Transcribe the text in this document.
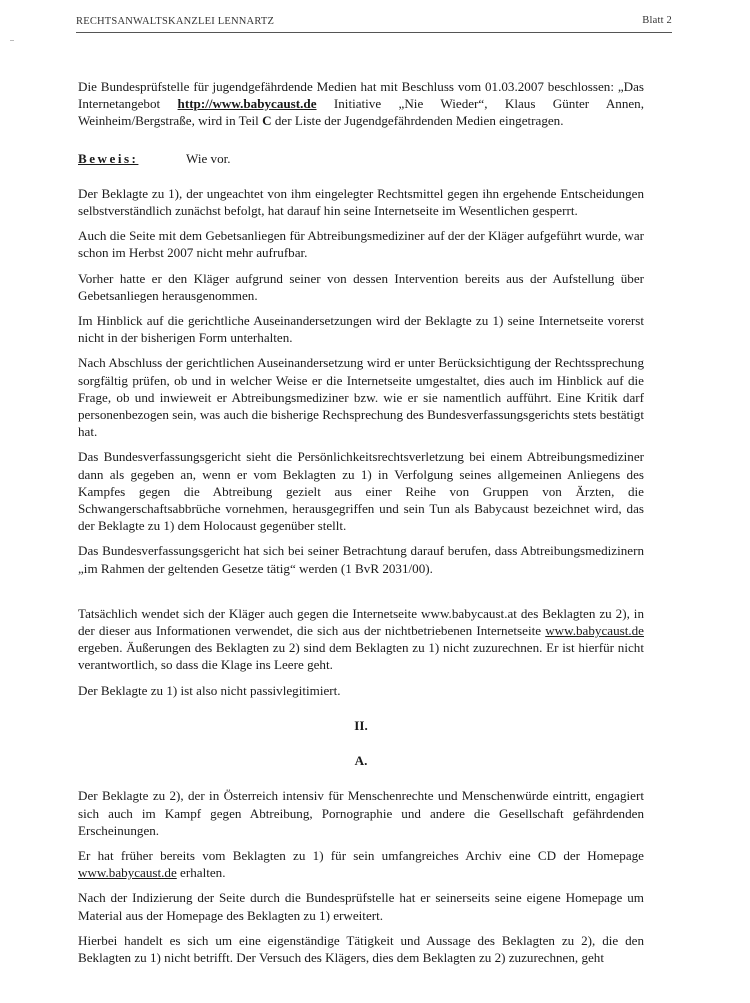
RECHTSANWALTSKANZLEI LENNARTZ	Blatt 2

Die Bundesprüfstelle für jugendgefährdende Medien hat mit Beschluss vom 01.03.2007 beschlossen: „Das Internetangebot http://www.babycaust.de Initiative „Nie Wieder“, Klaus Günter Annen, Weinheim/Bergstraße, wird in Teil C der Liste der Jugendgefährdenden Medien eingetragen.

Beweis:	Wie vor.

Der Beklagte zu 1), der ungeachtet von ihm eingelegter Rechtsmittel gegen ihn ergehende Entscheidungen selbstverständlich zunächst befolgt, hat darauf hin seine Internetseite im Wesentlichen gesperrt.

Auch die Seite mit dem Gebetsanliegen für Abtreibungsmediziner auf der der Kläger aufgeführt wurde, war schon im Herbst 2007 nicht mehr aufrufbar.

Vorher hatte er den Kläger aufgrund seiner von dessen Intervention bereits aus der Aufstellung über Gebetsanliegen herausgenommen.

Im Hinblick auf die gerichtliche Auseinandersetzungen wird der Beklagte zu 1) seine Internetseite vorerst nicht in der bisherigen Form unterhalten.

Nach Abschluss der gerichtlichen Auseinandersetzung wird er unter Berücksichtigung der Rechtssprechung sorgfältig prüfen, ob und in welcher Weise er die Internetseite umgestaltet, dies auch im Hinblick auf die Frage, ob und inwieweit er Abtreibungsmediziner bzw. wie er sie namentlich aufführt. Eine Kritik darf personenbezogen sein, was auch die bisherige Rechsprechung des Bundesverfassungsgerichts stets bestätigt hat.

Das Bundesverfassungsgericht sieht die Persönlichkeitsrechtsverletzung bei einem Abtreibungsmediziner dann als gegeben an, wenn er vom Beklagten zu 1) in Verfolgung seines allgemeinen Anliegens des Kampfes gegen die Abtreibung gezielt aus einer Reihe von Gruppen von Ärzten, die Schwangerschaftsabbrüche vornehmen, herausgegriffen und sein Tun als Babycaust bezeichnet wird, das der Beklagte zu 1) dem Holocaust gegenüber stellt.

Das Bundesverfassungsgericht hat sich bei seiner Betrachtung darauf berufen, dass Abtreibungsmedizinern „im Rahmen der geltenden Gesetze tätig“ werden (1 BvR 2031/00).

Tatsächlich wendet sich der Kläger auch gegen die Internetseite www.babycaust.at des Beklagten zu 2), in der dieser aus Informationen verwendet, die sich aus der nichtbetriebenen Internetseite www.babycaust.de ergeben. Äußerungen des Beklagten zu 2) sind dem Beklagten zu 1) nicht zuzurechnen. Er ist hierfür nicht verantwortlich, so dass die Klage ins Leere geht.

Der Beklagte zu 1) ist also nicht passivlegitimiert.

II.
A.

Der Beklagte zu 2), der in Österreich intensiv für Menschenrechte und Menschenwürde eintritt, engagiert sich auch im Kampf gegen Abtreibung, Pornographie und andere die Gesellschaft gefährdenden Erscheinungen.

Er hat früher bereits vom Beklagten zu 1) für sein umfangreiches Archiv eine CD der Homepage www.babycaust.de erhalten.

Nach der Indizierung der Seite durch die Bundesprüfstelle hat er seinerseits seine eigene Homepage um Material aus der Homepage des Beklagten zu 1) erweitert.

Hierbei handelt es sich um eine eigenständige Tätigkeit und Aussage des Beklagten zu 2), die den Beklagten zu 1) nicht betrifft. Der Versuch des Klägers, dies dem Beklagten zu 2) zuzurechnen, geht
